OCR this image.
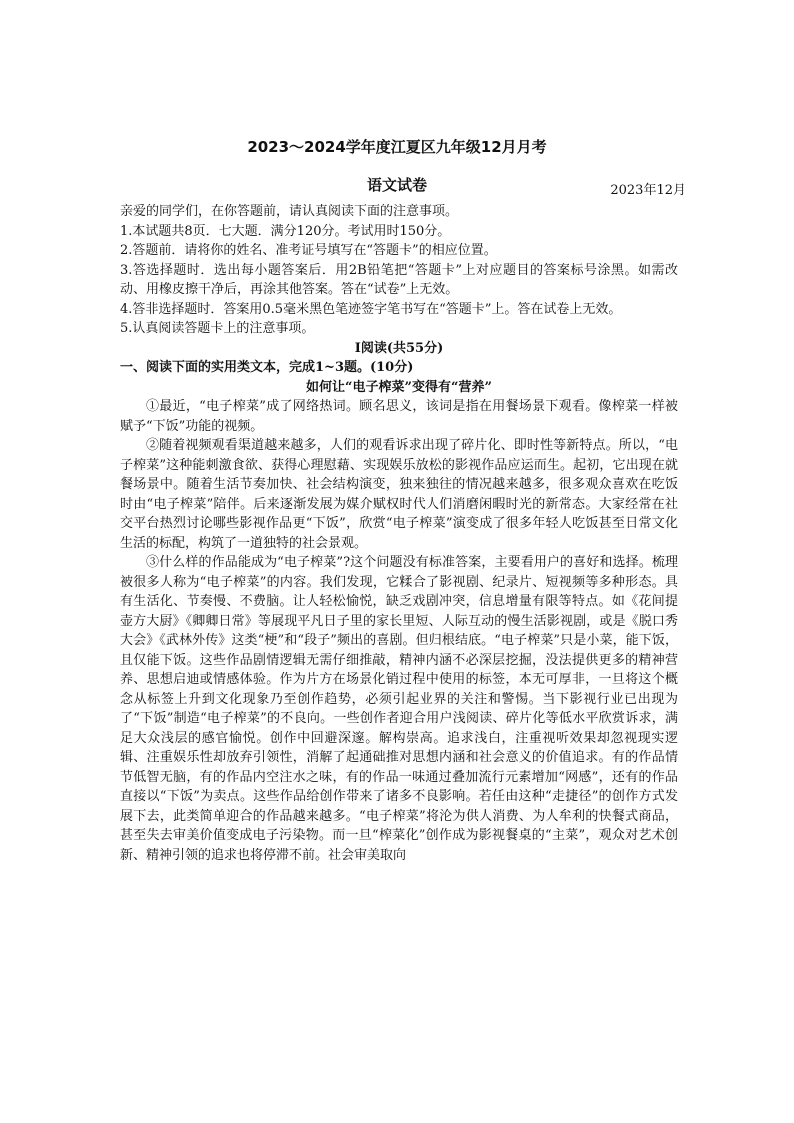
2023～2024学年度江夏区九年级12月月考
语文试卷	2023年12月

亲爱的同学们，在你答题前，请认真阅读下面的注意事项。

1.本试题共8页．七大题．满分120分。考试用时150分。

2.答题前．请将你的姓名、准考证号填写在“答题卡”的相应位置。

3.答选择题时．选出每小题答案后．用2B铅笔把“答题卡”上对应题目的答案标号涂黑。如需改动、用橡皮擦干净后，再涂其他答案。答在“试卷”上无效。

4.答非选择题时．答案用0.5毫米黑色笔迹签字笔书写在“答题卡”上。答在试卷上无效。

5.认真阅读答题卡上的注意事项。

Ⅰ阅读(共55分)

一、阅读下面的实用类文本，完成1~3题。(10分)

如何让“电子榨菜”变得有“营养”

①最近，“电子榨菜”成了网络热词。顾名思义，该词是指在用餐场景下观看。像榨菜一样被赋予“下饭”功能的视频。

②随着视频观看渠道越来越多，人们的观看诉求出现了碎片化、即时性等新特点。所以，“电子榨菜”这种能刺激食欲、获得心理慰藉、实现娱乐放松的影视作品应运而生。起初，它出现在就餐场景中。随着生活节奏加快、社会结构演变，独来独往的情况越来越多，很多观众喜欢在吃饭时由“电子榨菜”陪伴。后来逐渐发展为媒介赋权时代人们消磨闲暇时光的新常态。大家经常在社交平台热烈讨论哪些影视作品更“下饭”，欣赏“电子榨菜”演变成了很多年轻人吃饭甚至日常文化生活的标配，构筑了一道独特的社会景观。

③什么样的作品能成为“电子榨菜”?这个问题没有标准答案，主要看用户的喜好和选择。梳理被很多人称为“电子榨菜”的内容。我们发现，它糅合了影视剧、纪录片、短视频等多种形态。具有生活化、节奏慢、不费脑。让人轻松愉悦，缺乏戏剧冲突，信息增量有限等特点。如《花间提壶方大厨》《卿卿日常》等展现平凡日子里的家长里短、人际互动的慢生活影视剧，或是《脱口秀大会》《武林外传》这类“梗”和“段子”频出的喜剧。但归根结底。“电子榨菜”只是小菜，能下饭，且仅能下饭。这些作品剧情逻辑无需仔细推敲，精神内涵不必深层挖掘，没法提供更多的精神营养、思想启迪或情感体验。作为片方在场景化销过程中使用的标签，本无可厚非，一旦将这个概念从标签上升到文化现象乃至创作趋势，必须引起业界的关注和警惕。当下影视行业已出现为了“下饭”制造“电子榨菜”的不良向。一些创作者迎合用户浅阅读、碎片化等低水平欣赏诉求，满足大众浅层的感官愉悦。创作中回避深邃。解构崇高。追求浅白，注重视听效果却忽视现实逻辑、注重娱乐性却放弃引领性，消解了起通础推对思想内涵和社会意义的价值追求。有的作品情节低智无脑，有的作品内空注水之味，有的作品一味通过叠加流行元素增加“网感”，还有的作品直接以“下饭”为卖点。这些作品给创作带来了诸多不良影响。若任由这种“走捷径”的创作方式发展下去，此类简单迎合的作品越来越多。“电子榨菜”将沦为供人消费、为人牟利的快餐式商品，甚至失去审美价值变成电子污染物。而一旦“榨菜化”创作成为影视餐桌的“主菜”，观众对艺术创新、精神引领的追求也将停滞不前。社会审美取向
